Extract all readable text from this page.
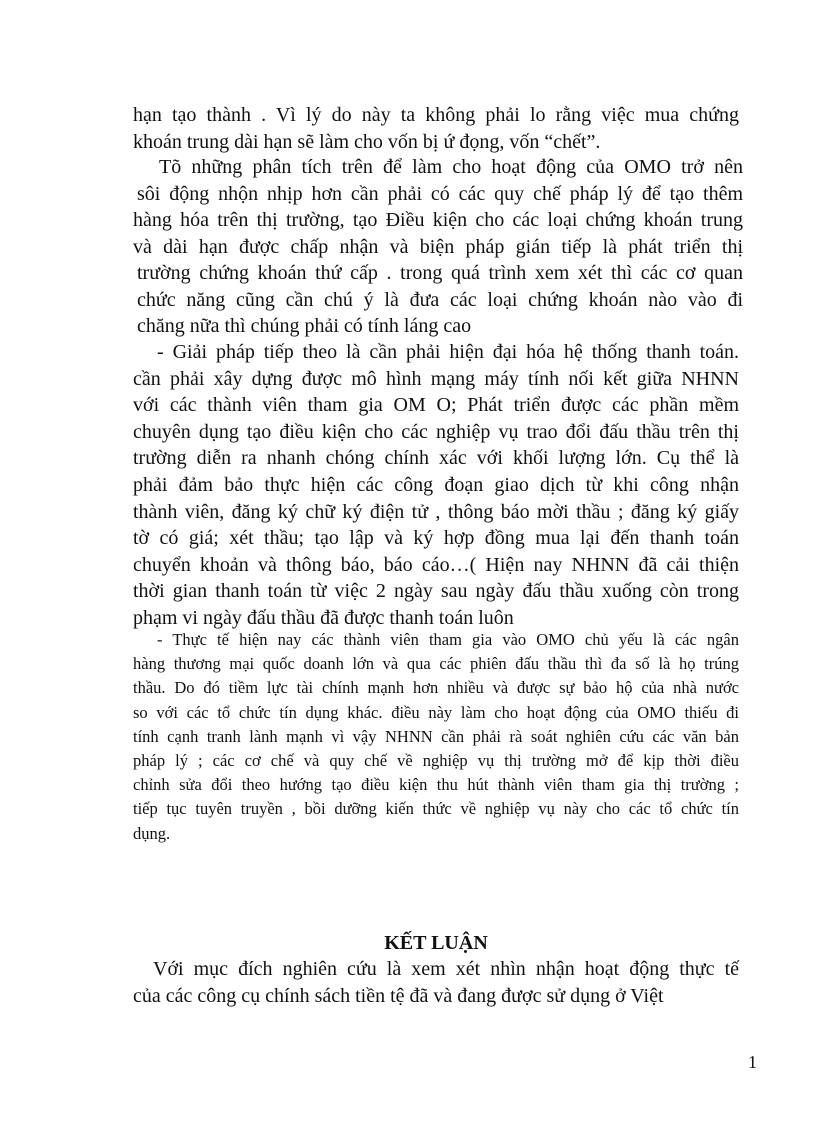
hạn tạo thành . Vì lý do này ta không phải lo rằng việc mua chứng
khoán trung dài hạn sẽ làm cho vốn bị ứ đọng, vốn “chết”.
Tõ những phân tích trên để làm cho hoạt động của OMO trở nên
sôi động nhộn nhịp hơn cần phải có các quy chế pháp lý để tạo thêm
hàng hóa trên thị trường, tạo Điều kiện cho các loại chứng khoán trung
và dài hạn được chấp nhận và biện pháp gián tiếp là phát triển thị
trường chứng khoán thứ cấp . trong quá trình xem xét thì các cơ quan
chức năng cũng cần chú ý là đưa các loại chứng khoán nào vào đi
chăng nữa thì chúng phải có tính láng cao
- Giải pháp tiếp theo là cần phải hiện đại hóa hệ thống thanh toán.
cần phải xây dựng được mô hình mạng máy tính nối kết giữa NHNN
với các thành viên tham gia OM O; Phát triển được các phần mềm
chuyên dụng tạo điều kiện cho các nghiệp vụ trao đổi đấu thầu trên thị
trường diễn ra nhanh chóng chính xác với khối lượng lớn. Cụ thể là
phải đảm bảo thực hiện các công đoạn giao dịch từ khi công nhận
thành viên, đăng ký chữ ký điện tử , thông báo mời thầu ; đăng ký giấy
tờ có giá; xét thầu; tạo lập và ký hợp đồng mua lại đến thanh toán
chuyển khoản và thông báo, báo cáo…( Hiện nay NHNN đã cải thiện
thời gian thanh toán từ việc 2 ngày sau ngày đấu thầu xuống còn trong
phạm vi ngày đấu thầu đã được thanh toán luôn
- Thực tế hiện nay các thành viên tham gia vào OMO chủ yếu là các ngân
hàng thương mại quốc doanh lớn và qua các phiên đấu thầu thì đa số là họ trúng
thầu. Do đó tiềm lực tài chính mạnh hơn nhiều và được sự bảo hộ của nhà nước
so với các tổ chức tín dụng khác. điều này làm cho hoạt động của OMO thiếu đi
tính cạnh tranh lành mạnh vì vậy NHNN cần phải rà soát nghiên cứu các văn bản
pháp lý ; các cơ chế và quy chế về nghiệp vụ thị trường mở để kịp thời điều
chỉnh sửa đổi theo hướng tạo điều kiện thu hút thành viên tham gia thị trường ;
tiếp tục tuyên truyền , bồi dưỡng kiến thức về nghiệp vụ này cho các tổ chức tín
dụng.
KẾT LUẬN
Với mục đích nghiên cứu là xem xét nhìn nhận hoạt động thực tế
của các công cụ chính sách tiền tệ đã và đang được sử dụng ở Việt
1
